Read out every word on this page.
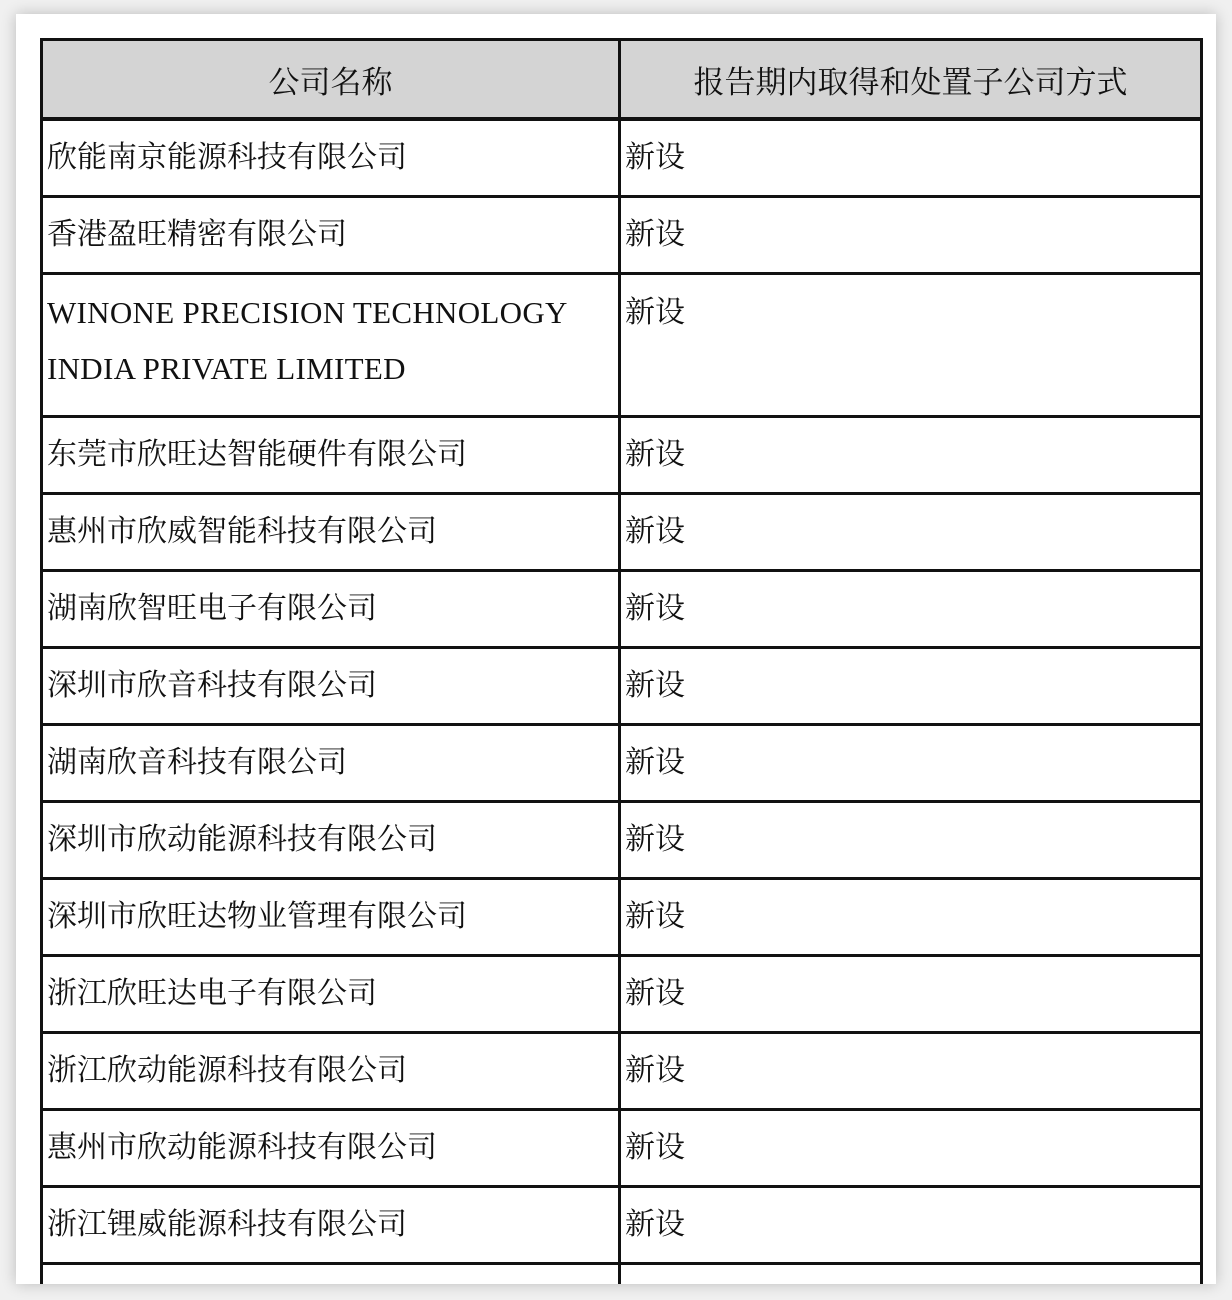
公司名称	报告期内取得和处置子公司方式
欣能南京能源科技有限公司	新设
香港盈旺精密有限公司	新设

WINONE PRECISION TECHNOLOGY
INDIA PRIVATE LIMITED	新设
东莞市欣旺达智能硬件有限公司	新设
惠州市欣威智能科技有限公司	新设
湖南欣智旺电子有限公司	新设
深圳市欣音科技有限公司	新设
湖南欣音科技有限公司	新设
深圳市欣动能源科技有限公司	新设
深圳市欣旺达物业管理有限公司	新设
浙江欣旺达电子有限公司	新设
浙江欣动能源科技有限公司	新设
惠州市欣动能源科技有限公司	新设
浙江锂威能源科技有限公司	新设
